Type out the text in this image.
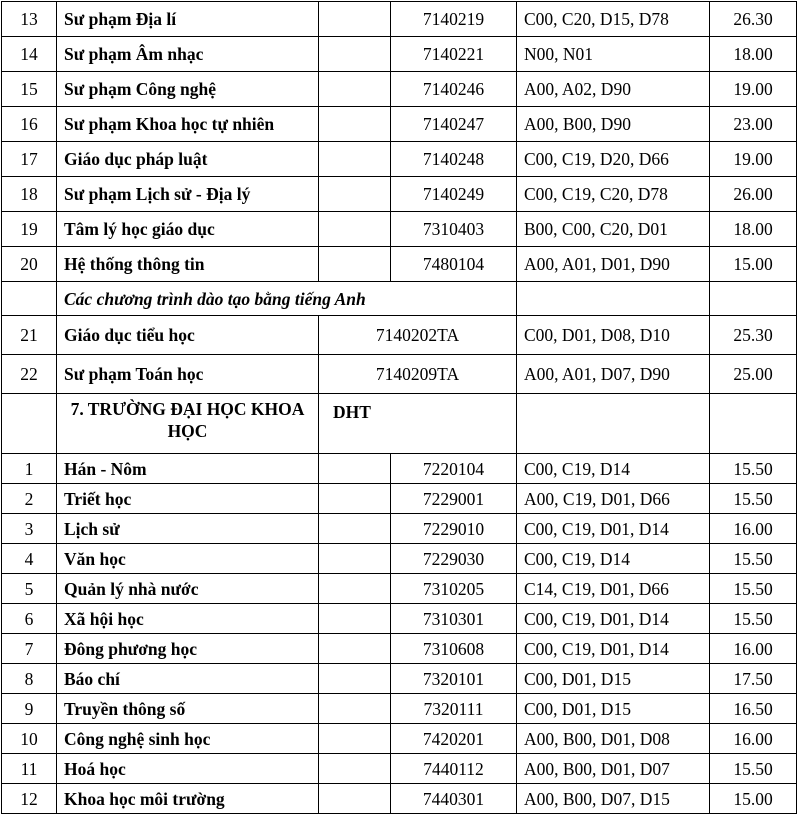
13	Sư phạm Địa lí		7140219	C00, C20, D15, D78	26.30
14	Sư phạm Âm nhạc		7140221	N00, N01	18.00
15	Sư phạm Công nghệ		7140246	A00, A02, D90	19.00
16	Sư phạm Khoa học tự nhiên		7140247	A00, B00, D90	23.00
17	Giáo dục pháp luật		7140248	C00, C19, D20, D66	19.00
18	Sư phạm Lịch sử - Địa lý		7140249	C00, C19, C20, D78	26.00
19	Tâm lý học giáo dục		7310403	B00, C00, C20, D01	18.00
20	Hệ thống thông tin		7480104	A00, A01, D01, D90	15.00
	Các chương trình dào tạo bằng tiếng Anh				
21	Giáo dục tiểu học	7140202TA		C00, D01, D08, D10	25.30
22	Sư phạm Toán học	7140209TA		A00, A01, D07, D90	25.00
	7. TRƯỜNG ĐẠI HỌC KHOA HỌC	DHT			
1	Hán - Nôm		7220104	C00, C19, D14	15.50
2	Triết học		7229001	A00, C19, D01, D66	15.50
3	Lịch sử		7229010	C00, C19, D01, D14	16.00
4	Văn học		7229030	C00, C19, D14	15.50
5	Quản lý nhà nước		7310205	C14, C19, D01, D66	15.50
6	Xã hội học		7310301	C00, C19, D01, D14	15.50
7	Đông phương học		7310608	C00, C19, D01, D14	16.00
8	Báo chí		7320101	C00, D01, D15	17.50
9	Truyền thông số		7320111	C00, D01, D15	16.50
10	Công nghệ sinh học		7420201	A00, B00, D01, D08	16.00
11	Hoá học		7440112	A00, B00, D01, D07	15.50
12	Khoa học môi trường		7440301	A00, B00, D07, D15	15.00
